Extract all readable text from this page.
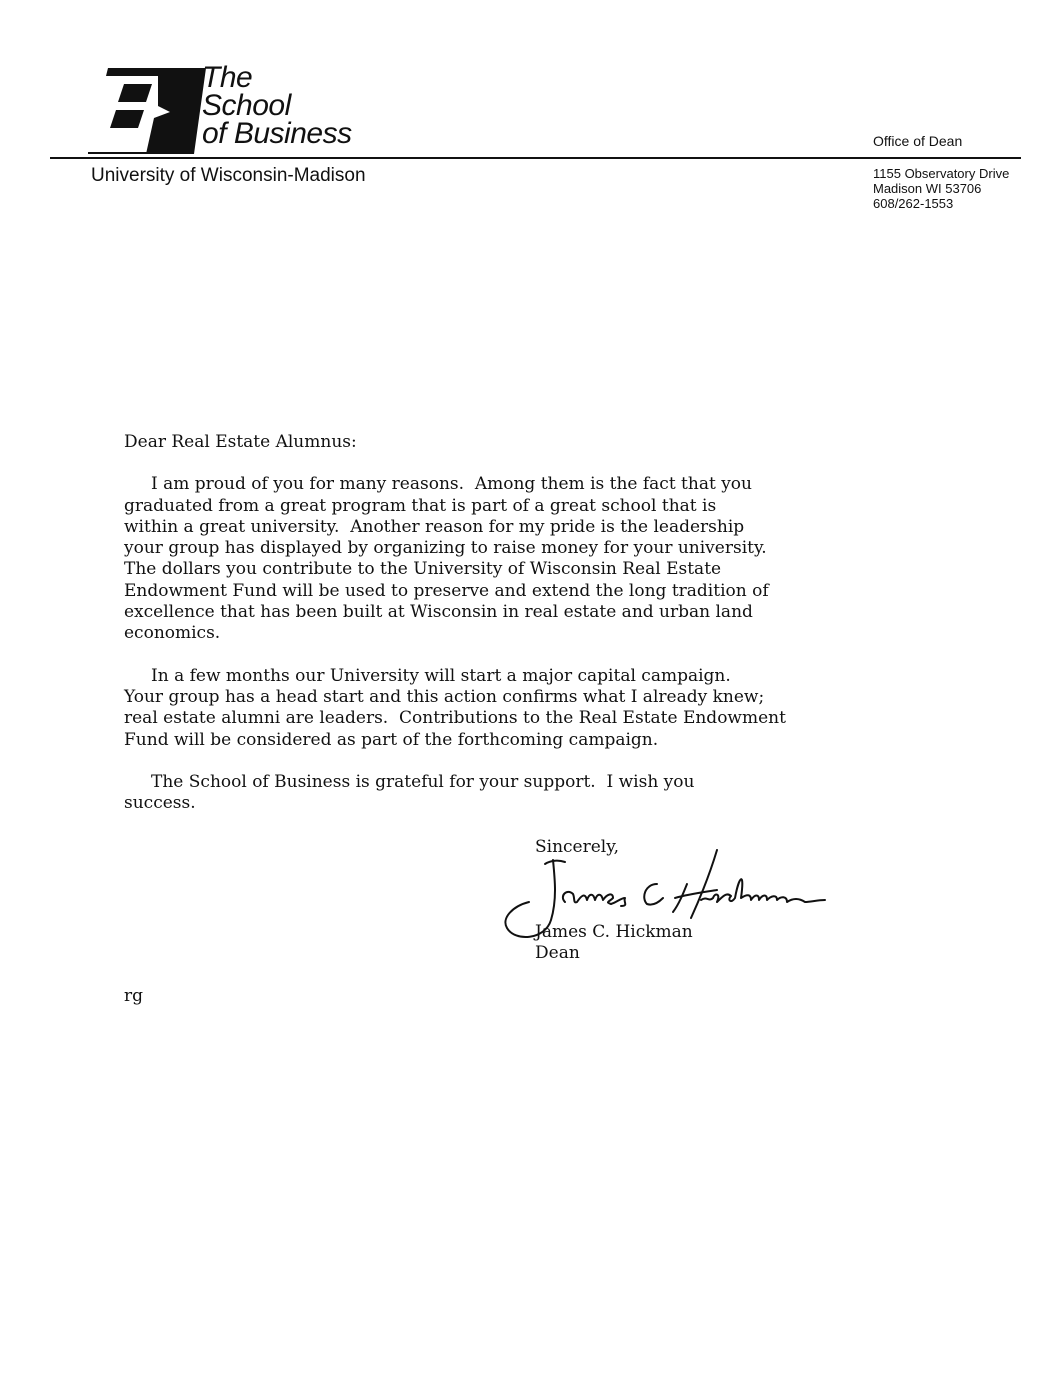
The
School
of Business
University of Wisconsin-Madison
Office of Dean
1155 Observatory Drive
Madison WI 53706
608/262-1553

Dear Real Estate Alumnus:

I am proud of you for many reasons.  Among them is the fact that you
graduated from a great program that is part of a great school that is
within a great university.  Another reason for my pride is the leadership
your group has displayed by organizing to raise money for your university.
The dollars you contribute to the University of Wisconsin Real Estate
Endowment Fund will be used to preserve and extend the long tradition of
excellence that has been built at Wisconsin in real estate and urban land
economics.

In a few months our University will start a major capital campaign.
Your group has a head start and this action confirms what I already knew;
real estate alumni are leaders.  Contributions to the Real Estate Endowment
Fund will be considered as part of the forthcoming campaign.

The School of Business is grateful for your support.  I wish you
success.

Sincerely,
James C. Hickman
Dean
rg
